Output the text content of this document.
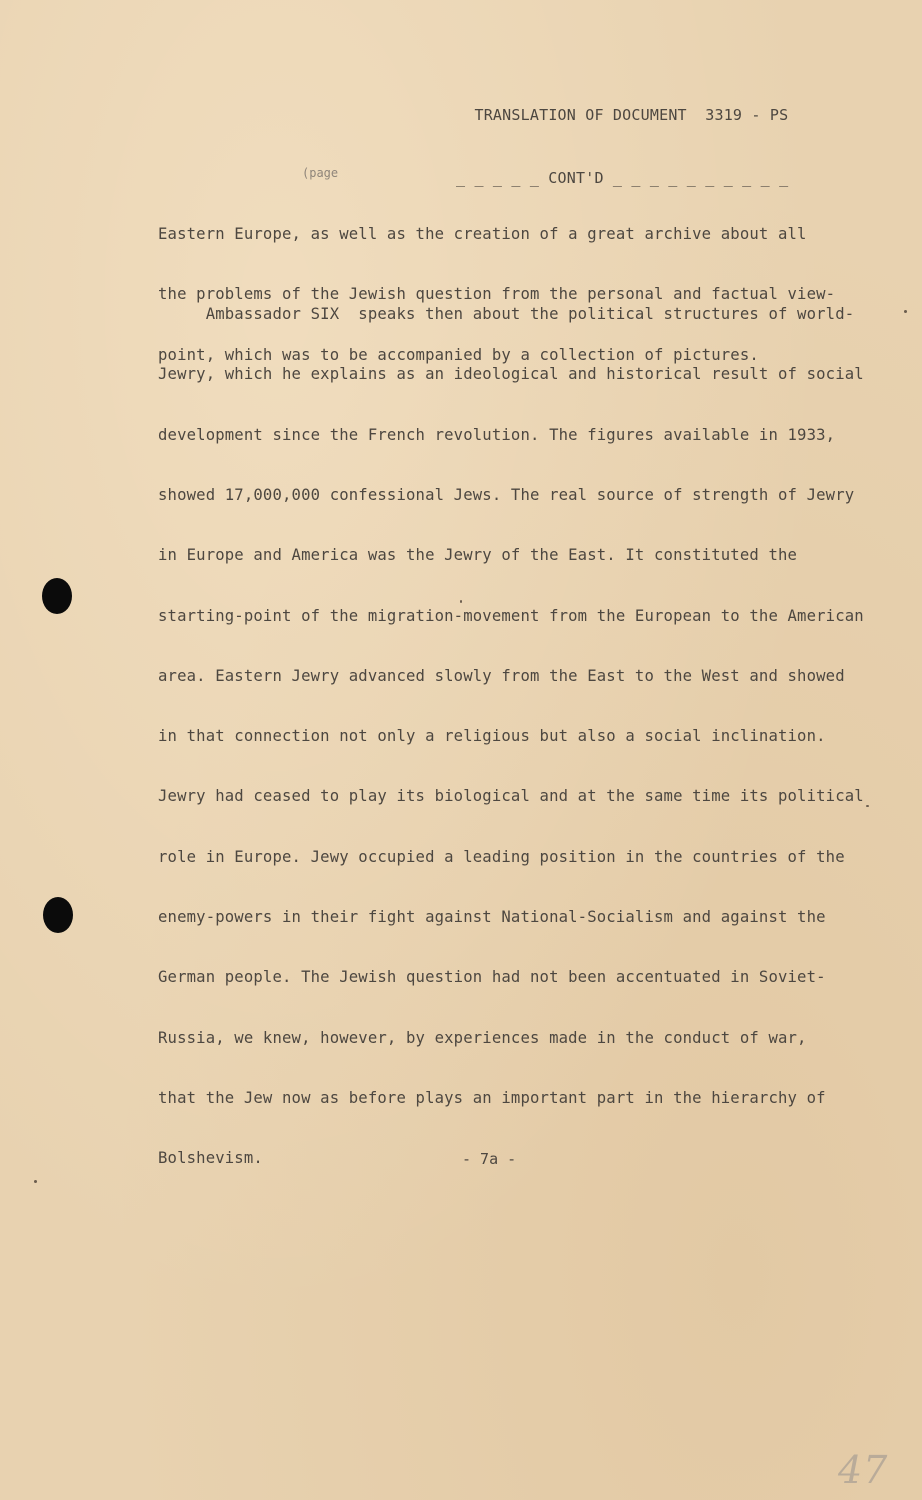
TRANSLATION OF DOCUMENT  3319 - PS

_ _ _ _ _ CONT'D _ _ _ _ _ _ _ _ _ _

(page

Eastern Europe, as well as the creation of a great archive about all

the problems of the Jewish question from the personal and factual view-

point, which was to be accompanied by a collection of pictures.

Ambassador SIX  speaks then about the political structures of world-

Jewry, which he explains as an ideological and historical result of social

development since the French revolution. The figures available in 1933,

showed 17,000,000 confessional Jews. The real source of strength of Jewry

in Europe and America was the Jewry of the East. It constituted the

starting-point of the migration-movement from the European to the American

area. Eastern Jewry advanced slowly from the East to the West and showed

in that connection not only a religious but also a social inclination.

Jewry had ceased to play its biological and at the same time its political

role in Europe. Jewy occupied a leading position in the countries of the

enemy-powers in their fight against National-Socialism and against the

German people. The Jewish question had not been accentuated in Soviet-

Russia, we knew, however, by experiences made in the conduct of war,

that the Jew now as before plays an important part in the hierarchy of

Bolshevism.	- 7a -
47
